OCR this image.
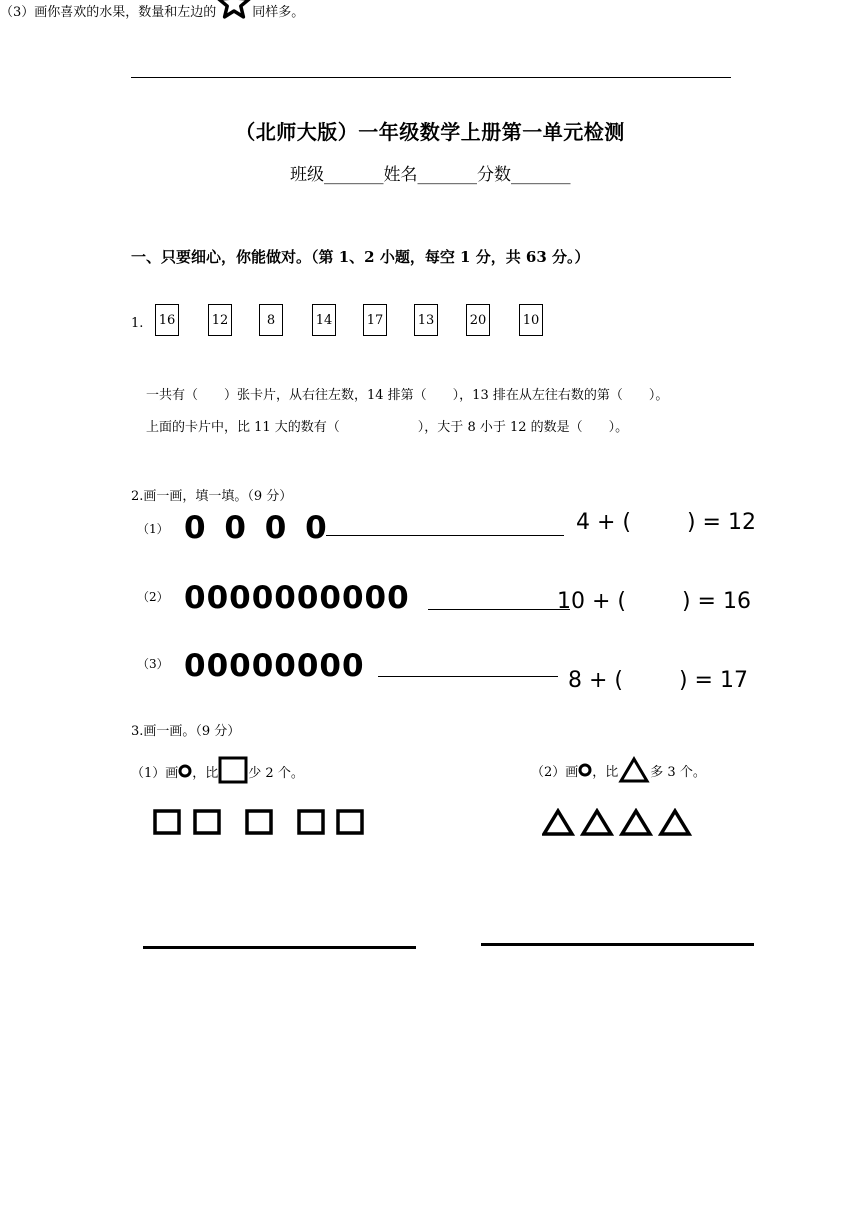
（北师大版）一年级数学上册第一单元检测
班级_______姓名_______分数_______
一、只要细心，你能做对。（第 1、2 小题，每空 1 分，共 63 分。）
1. 16	12	8	14	17	13	20	10
一共有（　　）张卡片，从右往左数，14 排第（　　），13 排在从左往右数的第（　　）。
上面的卡片中，比 11 大的数有（　　　　　　），大于 8 小于 12 的数是（　　）。
2.画一画，填一填。（9 分）
（1） 0 0 0 0	4 + (        ) = 12
（2） 0000000000	10 + (        ) = 16
（3） 00000000	8 + (        ) = 17
3.画一画。（9 分）
（1）画 ，比 少 2 个。	（2）画 ，比 多 3 个。
（3）画你喜欢的水果，数量和左边的	同样多。
